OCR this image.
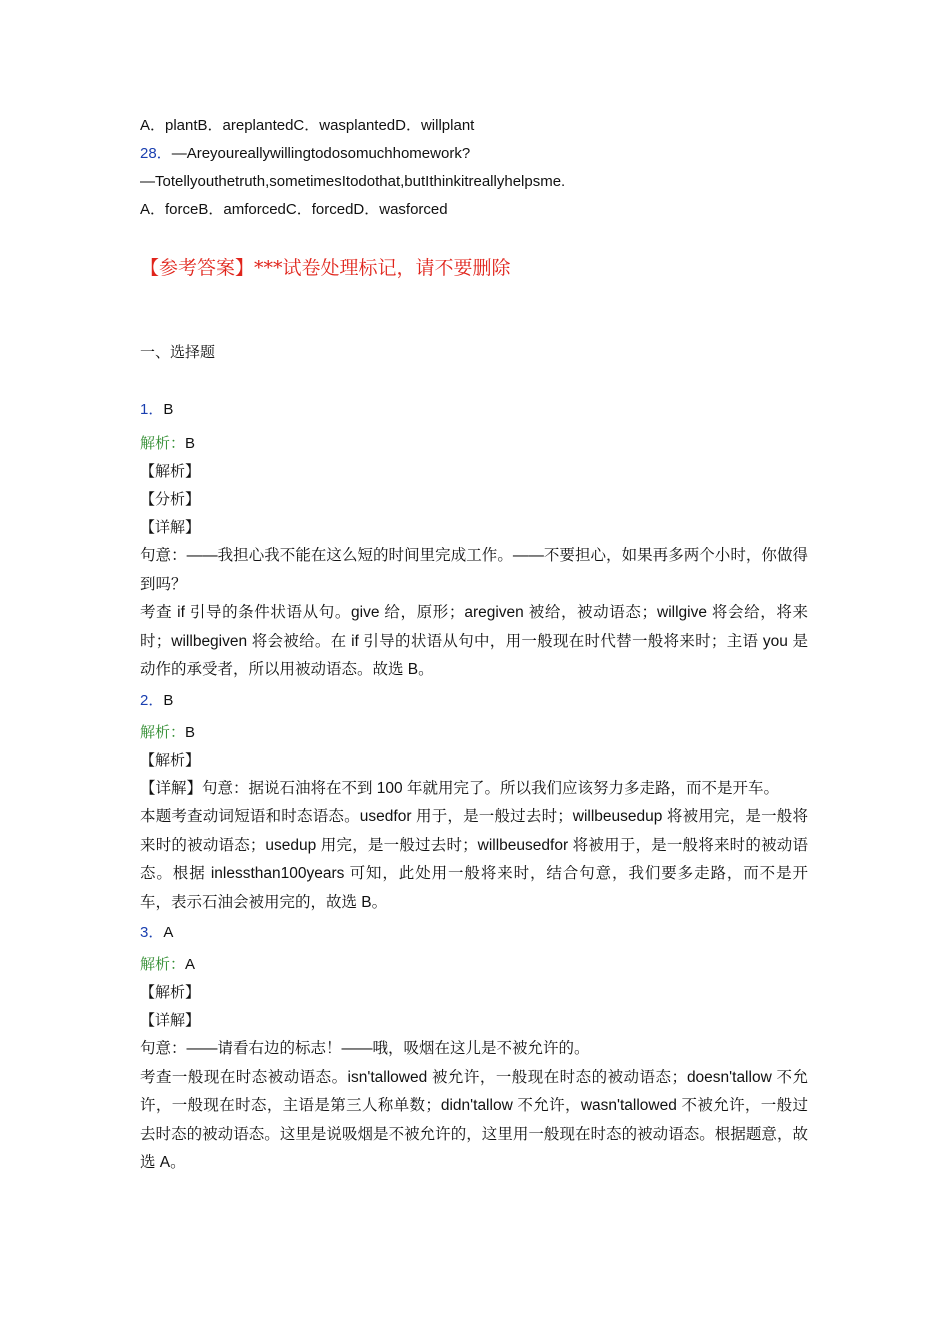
A．plantB．areplantedC．wasplantedD．willplant
28．—Areyoureallywillingtodosomuchhomework?
—Totellyouthetruth,sometimesItodothat,butIthinkitreallyhelpsme.
A．forceB．amforcedC．forcedD．wasforced
【参考答案】***试卷处理标记，请不要删除
一、选择题
1．B
解析：B
【解析】
【分析】
【详解】
句意：——我担心我不能在这么短的时间里完成工作。——不要担心，如果再多两个小时，你做得到吗？
考查 if 引导的条件状语从句。give 给，原形；aregiven 被给，被动语态；willgive 将会给，将来时；willbegiven 将会被给。在 if 引导的状语从句中，用一般现在时代替一般将来时；主语 you 是动作的承受者，所以用被动语态。故选 B。
2．B
解析：B
【解析】
【详解】句意：据说石油将在不到 100 年就用完了。所以我们应该努力多走路，而不是开车。
本题考查动词短语和时态语态。usedfor 用于，是一般过去时；willbeusedup 将被用完，是一般将来时的被动语态；usedup 用完，是一般过去时；willbeusedfor 将被用于，是一般将来时的被动语态。根据 inlessthan100years 可知，此处用一般将来时，结合句意，我们要多走路，而不是开车，表示石油会被用完的，故选 B。
3．A
解析：A
【解析】
【详解】
句意：——请看右边的标志！——哦，吸烟在这儿是不被允许的。
考查一般现在时态被动语态。isn'tallowed 被允许，一般现在时态的被动语态；doesn'tallow 不允许，一般现在时态，主语是第三人称单数；didn'tallow 不允许，wasn'tallowed 不被允许，一般过去时态的被动语态。这里是说吸烟是不被允许的，这里用一般现在时态的被动语态。根据题意，故选 A。
